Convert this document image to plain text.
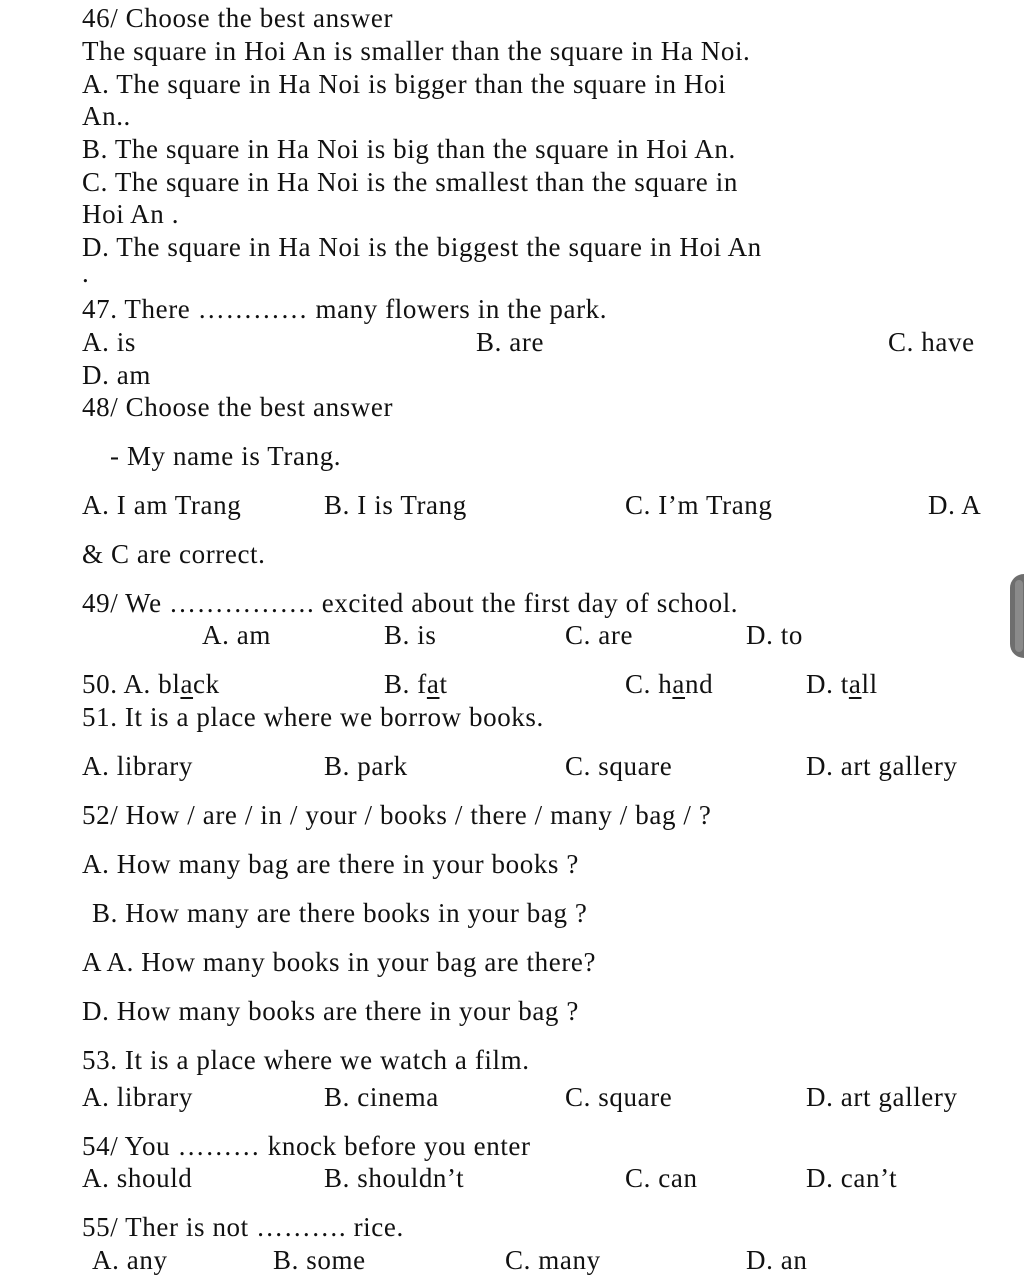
46/ Choose the best answer
The square in Hoi An is smaller than the square in Ha Noi.
A. The square in Ha Noi is bigger than the square in Hoi
An..
B. The square in Ha Noi is big than the square in Hoi An.
C. The square in Ha Noi is the smallest than the square in
Hoi An .
D. The square in Ha Noi is the biggest the square in Hoi An
.
47. There ………… many flowers in the park.
A. is	B. are	C. have
D. am
48/ Choose the best answer
- My name is Trang.
A. I am Trang	B. I is Trang	C. I’m Trang	D. A
& C are correct.
49/ We ……………. excited about the first day of school.
A. am	B. is	C. are	D. to
50. A. black	B. fat	C. hand	D. tall
51. It is a place where we borrow books.
A. library	B. park	C. square	D. art gallery
52/ How / are / in / your / books / there / many / bag / ?
A. How many bag are there in your books ?
B. How many are there books in your bag ?
A A. How many books in your bag are there?
D. How many books are there in your bag ?
53. It is a place where we watch a film.
A. library	B. cinema	C. square	D. art gallery
54/ You ……… knock before you enter
A. should	B. shouldn’t	C. can	D. can’t
55/ Ther is not ………. rice.
A. any	B. some	C. many	D. an
